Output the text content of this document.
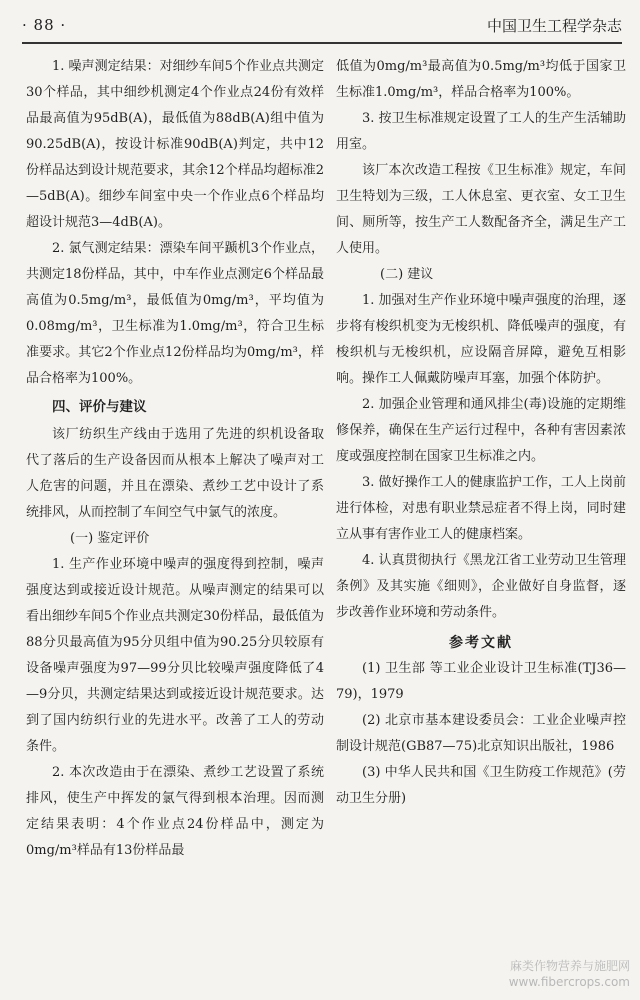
· 88 ·	中国卫生工程学杂志

1. 噪声测定结果：对细纱车间5个作业点共测定30个样品，其中细纱机测定4个作业点24份有效样品最高值为95dB(A)，最低值为88dB(A)组中值为90.25dB(A)，按设计标准90dB(A)判定，共中12份样品达到设计规范要求，其余12个样品均超标准2—5dB(A)。细纱车间室中央一个作业点6个样品均超设计规范3—4dB(A)。

2. 氯气测定结果：漂染车间平踬机3个作业点，共测定18份样品，其中，中车作业点测定6个样品最高值为0.5mg/m³，最低值为0mg/m³，平均值为0.08mg/m³，卫生标准为1.0mg/m³，符合卫生标准要求。其它2个作业点12份样品均为0mg/m³，样品合格率为100%。

四、评价与建议

该厂纺织生产线由于选用了先进的织机设备取代了落后的生产设备因而从根本上解决了噪声对工人危害的问题，并且在漂染、煮纱工艺中设计了系统排风，从而控制了车间空气中氯气的浓度。

(一) 鉴定评价

1. 生产作业环境中噪声的强度得到控制，噪声强度达到或接近设计规范。从噪声测定的结果可以看出细纱车间5个作业点共测定30份样品，最低值为88分贝最高值为95分贝组中值为90.25分贝较原有设备噪声强度为97—99分贝比较噪声强度降低了4—9分贝，共测定结果达到或接近设计规范要求。达到了国内纺织行业的先进水平。改善了工人的劳动条件。

2. 本次改造由于在漂染、煮纱工艺设置了系统排风，使生产中挥发的氯气得到根本治理。因而测定结果表明：4个作业点24份样品中，测定为0mg/m³样品有13份样品最

低值为0mg/m³最高值为0.5mg/m³均低于国家卫生标准1.0mg/m³，样品合格率为100%。

3. 按卫生标准规定设置了工人的生产生活辅助用室。

该厂本次改造工程按《卫生标准》规定，车间卫生特划为三级，工人休息室、更衣室、女工卫生间、厕所等，按生产工人数配备齐全，满足生产工人使用。

(二) 建议

1. 加强对生产作业环境中噪声强度的治理，逐步将有梭织机变为无梭织机、降低噪声的强度，有梭织机与无梭织机，应设隔音屏障，避免互相影响。操作工人佩戴防噪声耳塞，加强个体防护。

2. 加强企业管理和通风排尘(毒)设施的定期维修保养，确保在生产运行过程中，各种有害因素浓度或强度控制在国家卫生标准之内。

3. 做好操作工人的健康监护工作，工人上岗前进行体检，对患有职业禁忌症者不得上岗，同时建立从事有害作业工人的健康档案。

4. 认真贯彻执行《黑龙江省工业劳动卫生管理条例》及其实施《细则》，企业做好自身监督，逐步改善作业环境和劳动条件。

参考文献

(1) 卫生部 等工业企业设计卫生标准(TJ36—79)，1979

(2) 北京市基本建设委员会：工业企业噪声控制设计规范(GB87—75)北京知识出版社，1986

(3) 中华人民共和国《卫生防疫工作规范》(劳动卫生分册)

麻类作物营养与施肥网
www.fibercrops.com
